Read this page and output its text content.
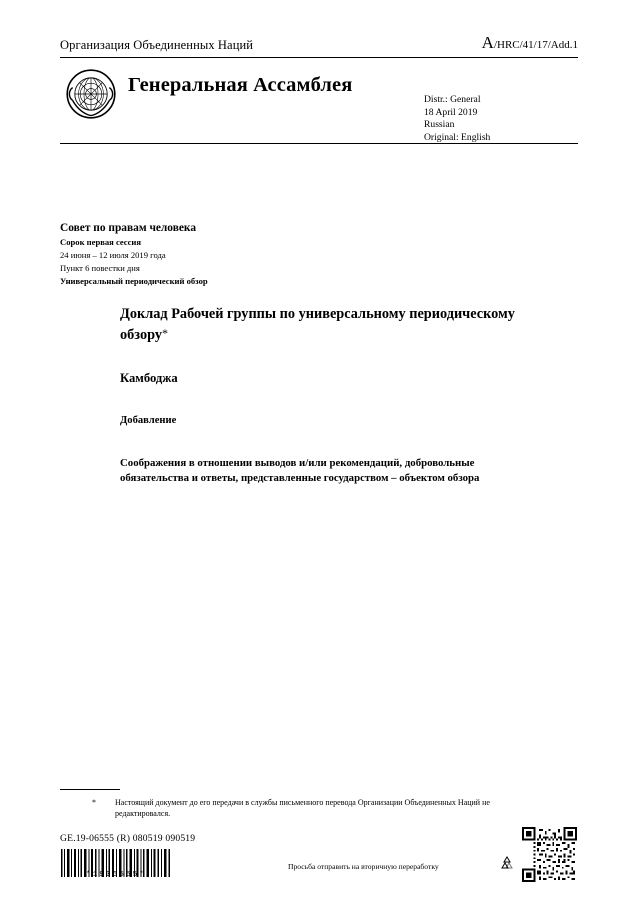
Организация Объединенных Наций	A/HRC/41/17/Add.1
Генеральная Ассамблея
Distr.: General
18 April 2019
Russian
Original: English
Совет по правам человека
Сорок первая сессия
24 июня – 12 июля 2019 года
Пункт 6 повестки дня
Универсальный периодический обзор
Доклад Рабочей группы по универсальному периодическому обзору*
Камбоджа
Добавление
Соображения в отношении выводов и/или рекомендаций, добровольные обязательства и ответы, представленные государством – объектом обзора
* Настоящий документ до его передачи в службы письменного перевода Организации Объединенных Наций не редактировался.
GE.19-06555 (R) 080519 090519
*1906555*
Просьба отправить на вторичную переработку
